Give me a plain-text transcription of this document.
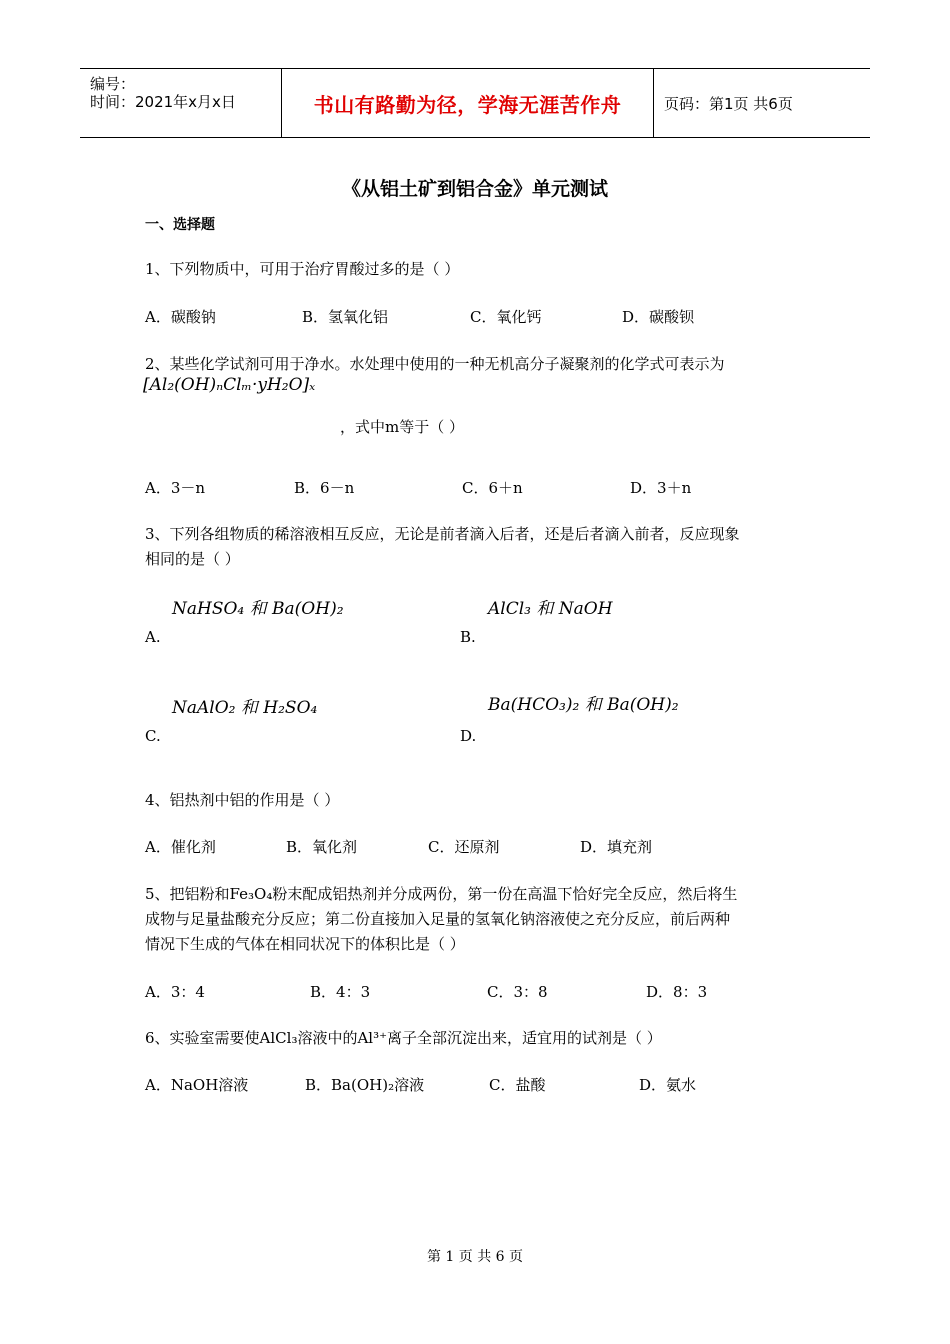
编号：
时间：2021年x月x日	书山有路勤为径，学海无涯苦作舟	页码：第1页 共6页
《从铝土矿到铝合金》单元测试
一、选择题
1、下列物质中，可用于治疗胃酸过多的是（ ）
A．碳酸钠	B．氢氧化铝	C．氧化钙	D．碳酸钡
2、某些化学试剂可用于净水。水处理中使用的一种无机高分子凝聚剂的化学式可表示为
[Al₂(OH)ₙClₘ·yH₂O]ₓ
，式中m等于（ ）
A．3－n	B．6－n	C．6＋n	D．3＋n
3、下列各组物质的稀溶液相互反应，无论是前者滴入后者，还是后者滴入前者，反应现象
相同的是（ ）
NaHSO₄ 和 Ba(OH)₂
A.
AlCl₃ 和 NaOH
B.
NaAlO₂ 和 H₂SO₄
C.
Ba(HCO₃)₂ 和 Ba(OH)₂
D.
4、铝热剂中铝的作用是（ ）
A．催化剂	B．氧化剂	C．还原剂	D．填充剂
5、把铝粉和Fe₃O₄粉末配成铝热剂并分成两份，第一份在高温下恰好完全反应，然后将生
成物与足量盐酸充分反应；第二份直接加入足量的氢氧化钠溶液使之充分反应，前后两种
情况下生成的气体在相同状况下的体积比是（ ）
A．3：4	B．4：3	C．3：8	D．8：3
6、实验室需要使AlCl₃溶液中的Al³⁺离子全部沉淀出来，适宜用的试剂是（ ）
A．NaOH溶液	B．Ba(OH)₂溶液	C．盐酸	D．氨水
第 1 页 共 6 页
